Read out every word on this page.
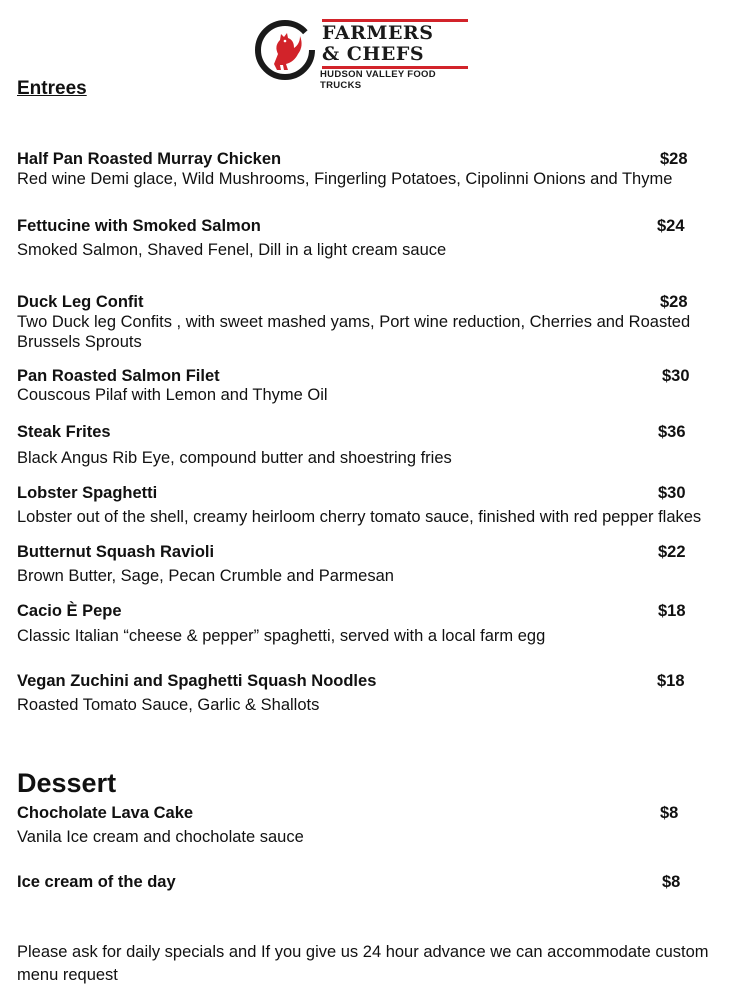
FARMERS
& CHEFS
HUDSON VALLEY FOOD TRUCKS
Entrees
Half Pan Roasted Murray Chicken	$28
Red wine Demi glace, Wild Mushrooms, Fingerling Potatoes, Cipolinni Onions and Thyme
Fettucine with Smoked Salmon	$24
Smoked Salmon, Shaved Fenel, Dill in a light cream sauce
Duck Leg Confit	$28
Two Duck leg Confits , with sweet mashed yams, Port wine reduction, Cherries and Roasted Brussels Sprouts
Pan Roasted Salmon Filet	$30
Couscous Pilaf with Lemon and Thyme Oil
Steak Frites	$36
Black Angus Rib Eye, compound butter and shoestring fries
Lobster Spaghetti	$30
Lobster out of the shell, creamy heirloom cherry tomato sauce, finished with red pepper flakes
Butternut Squash Ravioli	$22
Brown Butter, Sage, Pecan Crumble and Parmesan
Cacio È Pepe	$18
Classic Italian “cheese & pepper” spaghetti, served with a local farm egg
Vegan Zuchini and Spaghetti Squash Noodles	$18
Roasted Tomato Sauce, Garlic & Shallots
Dessert
Chocholate Lava Cake	$8
Vanila Ice cream and chocholate sauce
Ice cream of the day	$8
Please ask for daily specials and If you give us 24 hour advance we can accommodate custom menu request
